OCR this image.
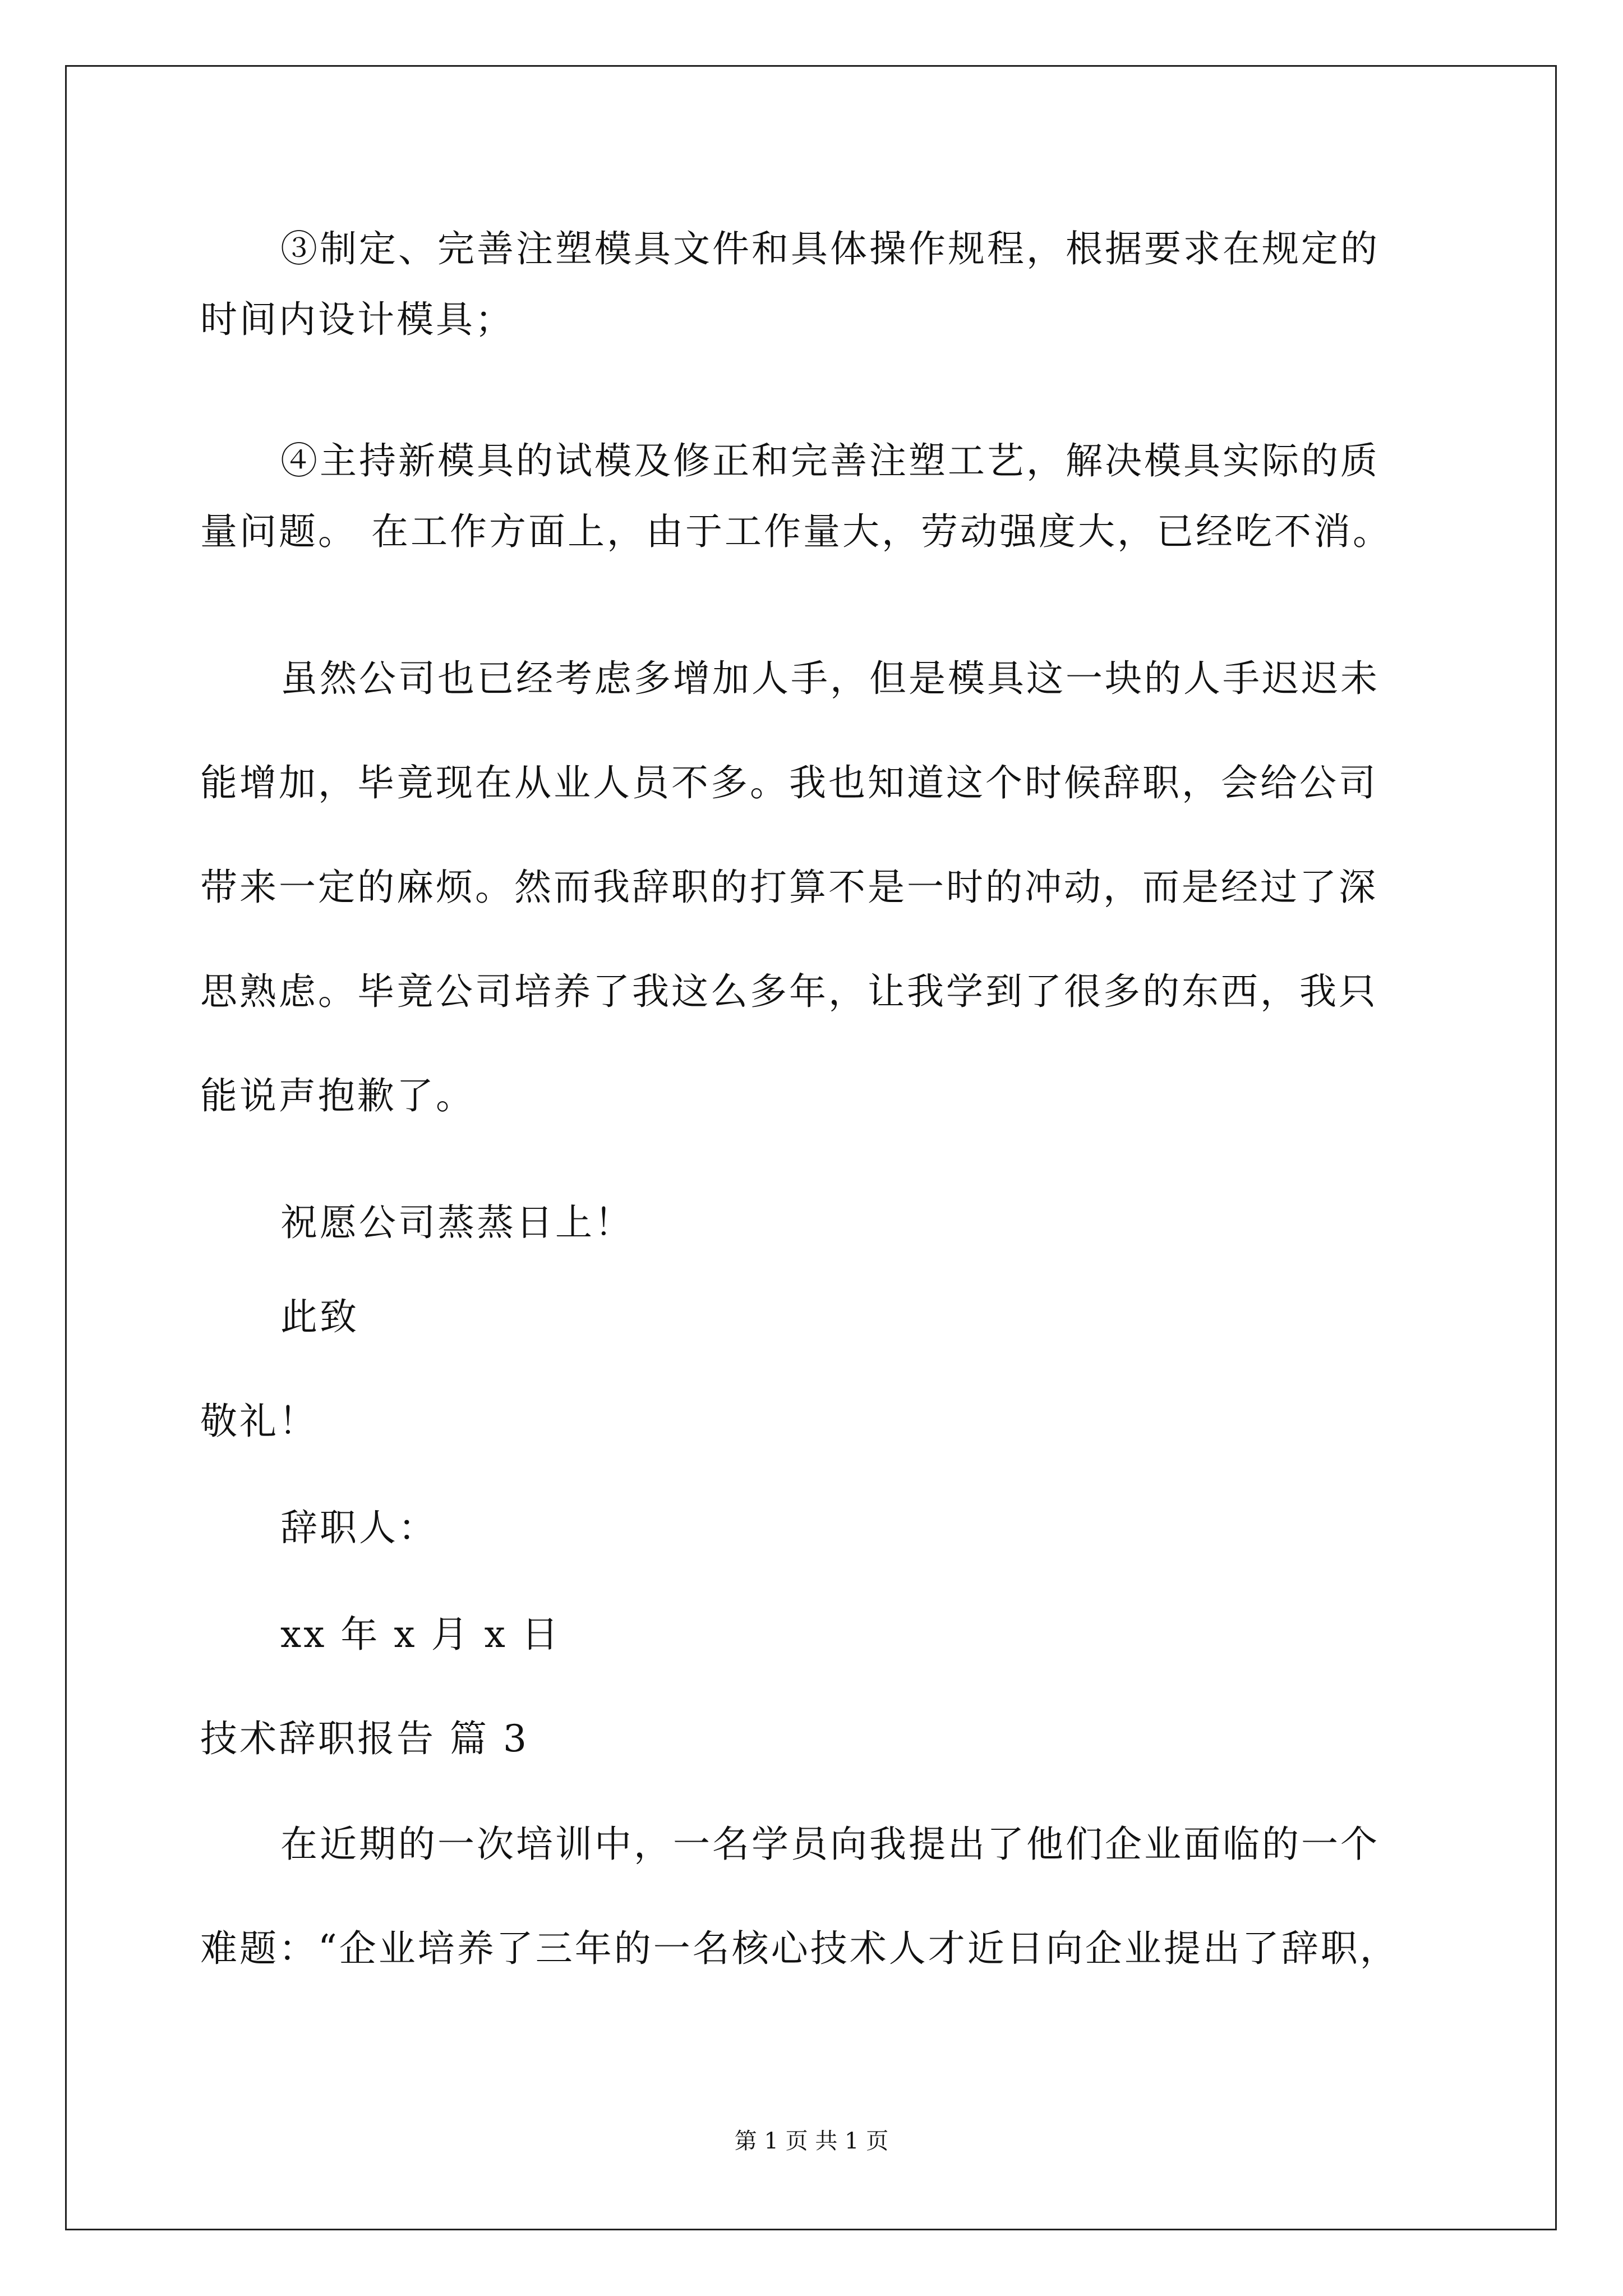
③制定、完善注塑模具文件和具体操作规程，根据要求在规定的
时间内设计模具；
④主持新模具的试模及修正和完善注塑工艺，解决模具实际的质
量问题。 在工作方面上，由于工作量大，劳动强度大，已经吃不消。
虽然公司也已经考虑多增加人手，但是模具这一块的人手迟迟未
能增加，毕竟现在从业人员不多。我也知道这个时候辞职，会给公司
带来一定的麻烦。然而我辞职的打算不是一时的冲动，而是经过了深
思熟虑。毕竟公司培养了我这么多年，让我学到了很多的东西，我只
能说声抱歉了。
祝愿公司蒸蒸日上！
此致
敬礼！
辞职人：
xx 年 x 月 x 日
技术辞职报告 篇 3
在近期的一次培训中，一名学员向我提出了他们企业面临的一个
难题：“企业培养了三年的一名核心技术人才近日向企业提出了辞职，
第 1 页 共 1 页
